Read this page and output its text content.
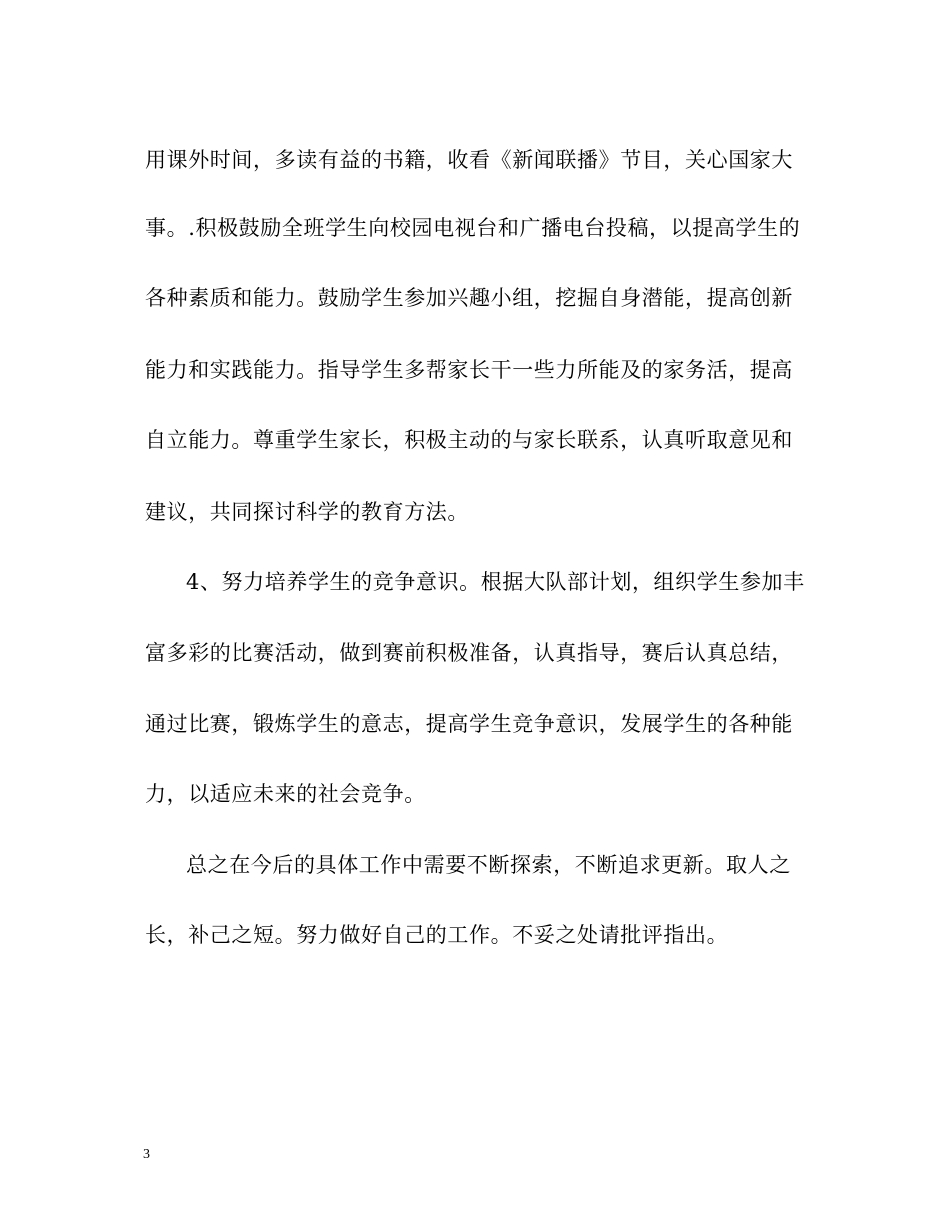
用课外时间，多读有益的书籍，收看《新闻联播》节目，关心国家大
事。.积极鼓励全班学生向校园电视台和广播电台投稿，以提高学生的
各种素质和能力。鼓励学生参加兴趣小组，挖掘自身潜能，提高创新
能力和实践能力。指导学生多帮家长干一些力所能及的家务活，提高
自立能力。尊重学生家长，积极主动的与家长联系，认真听取意见和
建议，共同探讨科学的教育方法。
4、努力培养学生的竞争意识。根据大队部计划，组织学生参加丰
富多彩的比赛活动，做到赛前积极准备，认真指导，赛后认真总结，
通过比赛，锻炼学生的意志，提高学生竞争意识，发展学生的各种能
力，以适应未来的社会竞争。
总之在今后的具体工作中需要不断探索，不断追求更新。取人之
长，补己之短。努力做好自己的工作。不妥之处请批评指出。
3
